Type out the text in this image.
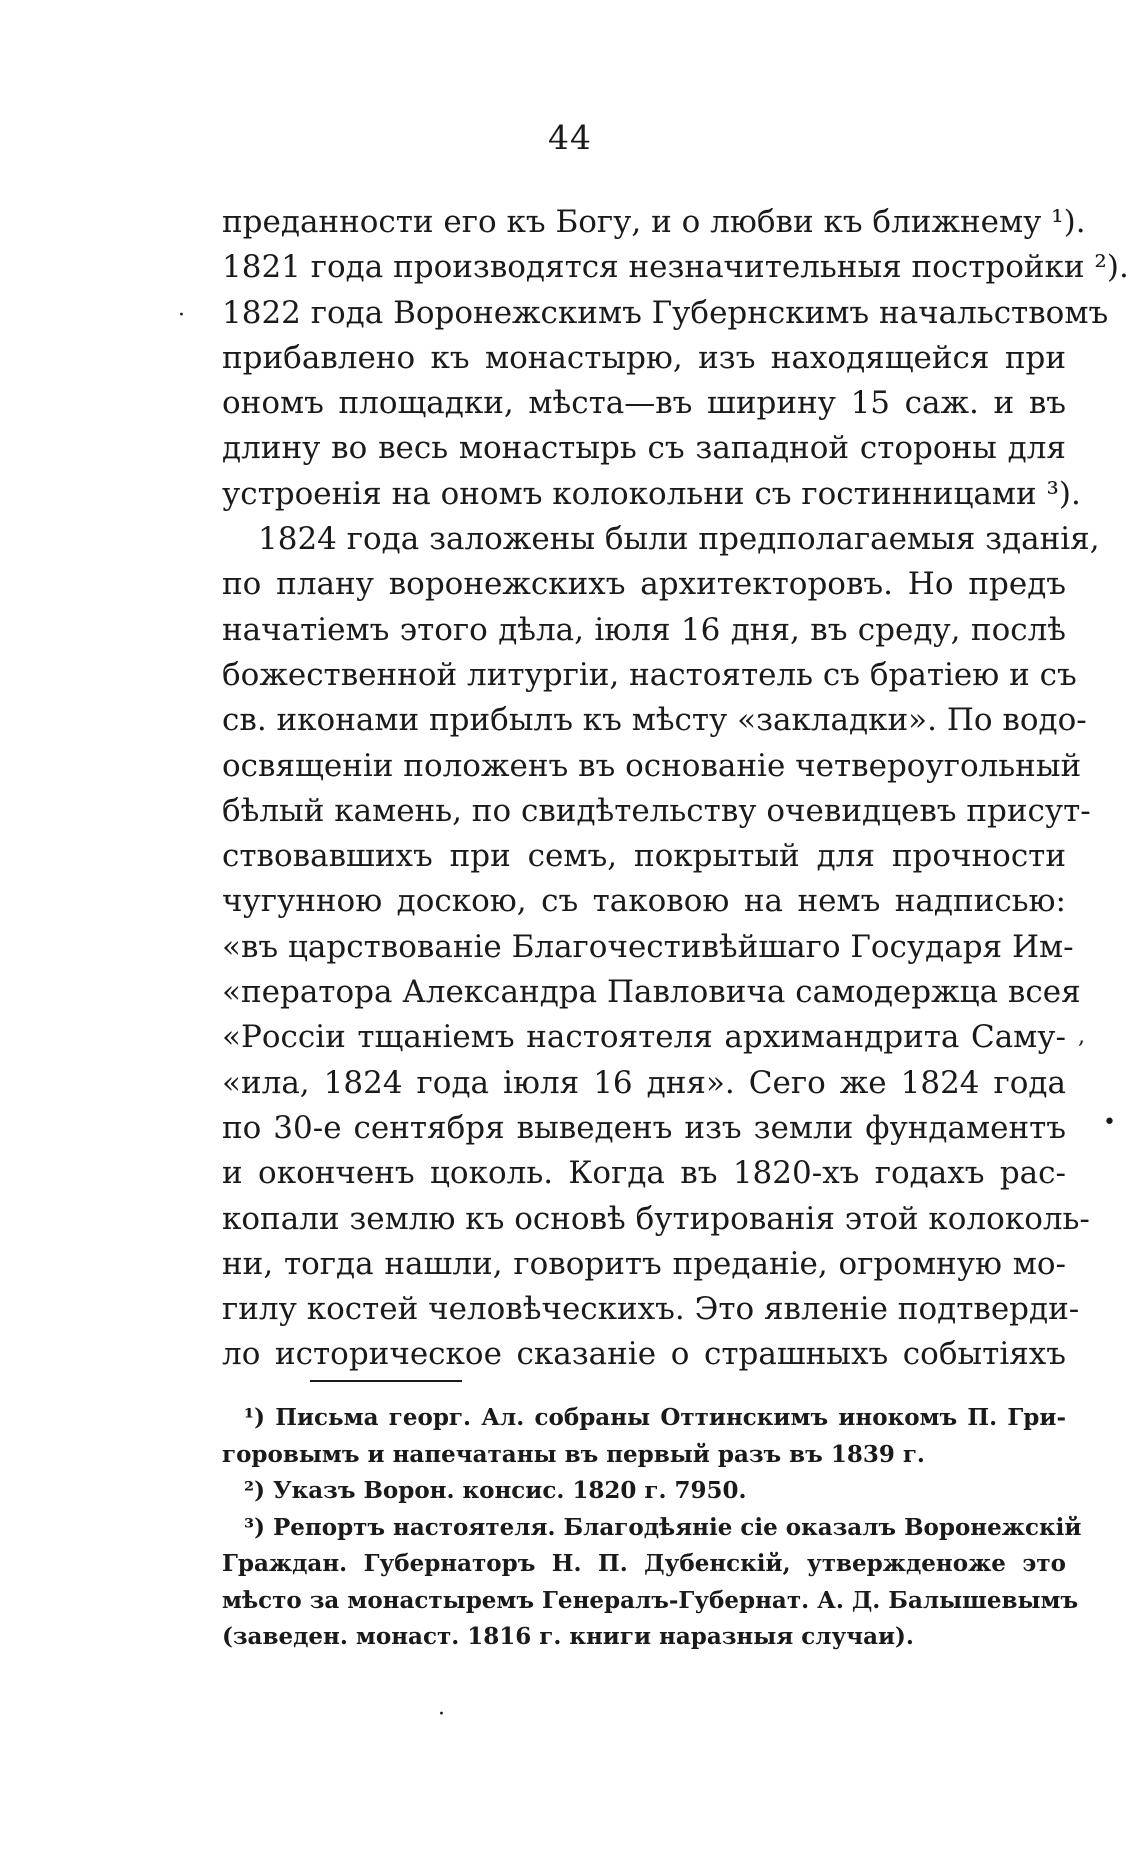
44
преданности его къ Богу, и о любви къ ближнему ¹).
1821 года производятся незначительныя постройки ²).
1822 года Воронежскимъ Губернскимъ начальствомъ
прибавлено къ монастырю, изъ находящейся при
ономъ площадки, мѣста—въ ширину 15 саж. и въ
длину во весь монастырь съ западной стороны для
устроенія на ономъ колокольни съ гостинницами ³).
1824 года заложены были предполагаемыя зданія,
по плану воронежскихъ архитекторовъ. Но предъ
начатіемъ этого дѣла, іюля 16 дня, въ среду, послѣ
божественной литургіи, настоятель съ братіею и съ
св. иконами прибылъ къ мѣсту «закладки». По водо-
освященіи положенъ въ основаніе четвероугольный
бѣлый камень, по свидѣтельству очевидцевъ присут-
ствовавшихъ при семъ, покрытый для прочности
чугунною доскою, съ таковою на немъ надписью:
«въ царствованіе Благочестивѣйшаго Государя Им-
«ператора Александра Павловича самодержца всея
«Россіи тщаніемъ настоятеля архимандрита Саму-
«ила, 1824 года іюля 16 дня». Сего же 1824 года
по 30-е сентября выведенъ изъ земли фундаментъ
и оконченъ цоколь. Когда въ 1820-хъ годахъ рас-
копали землю къ основѣ бутированія этой колоколь-
ни, тогда нашли, говоритъ преданіе, огромную мо-
гилу костей человѣческихъ. Это явленіе подтверди-
ло историческое сказаніе о страшныхъ событіяхъ
¹) Письма георг. Ал. собраны Оттинскимъ инокомъ П. Гри-
горовымъ и напечатаны въ первый разъ въ 1839 г.
²) Указъ Ворон. консис. 1820 г. 7950.
³) Репортъ настоятеля. Благодѣяніе сіе оказалъ Воронежскій
Граждан. Губернаторъ Н. П. Дубенскій, утвержденоже это
мѣсто за монастыремъ Генералъ-Губернат. А. Д. Балышевымъ
(заведен. монаст. 1816 г. книги наразныя случаи).
·
,
•
·
